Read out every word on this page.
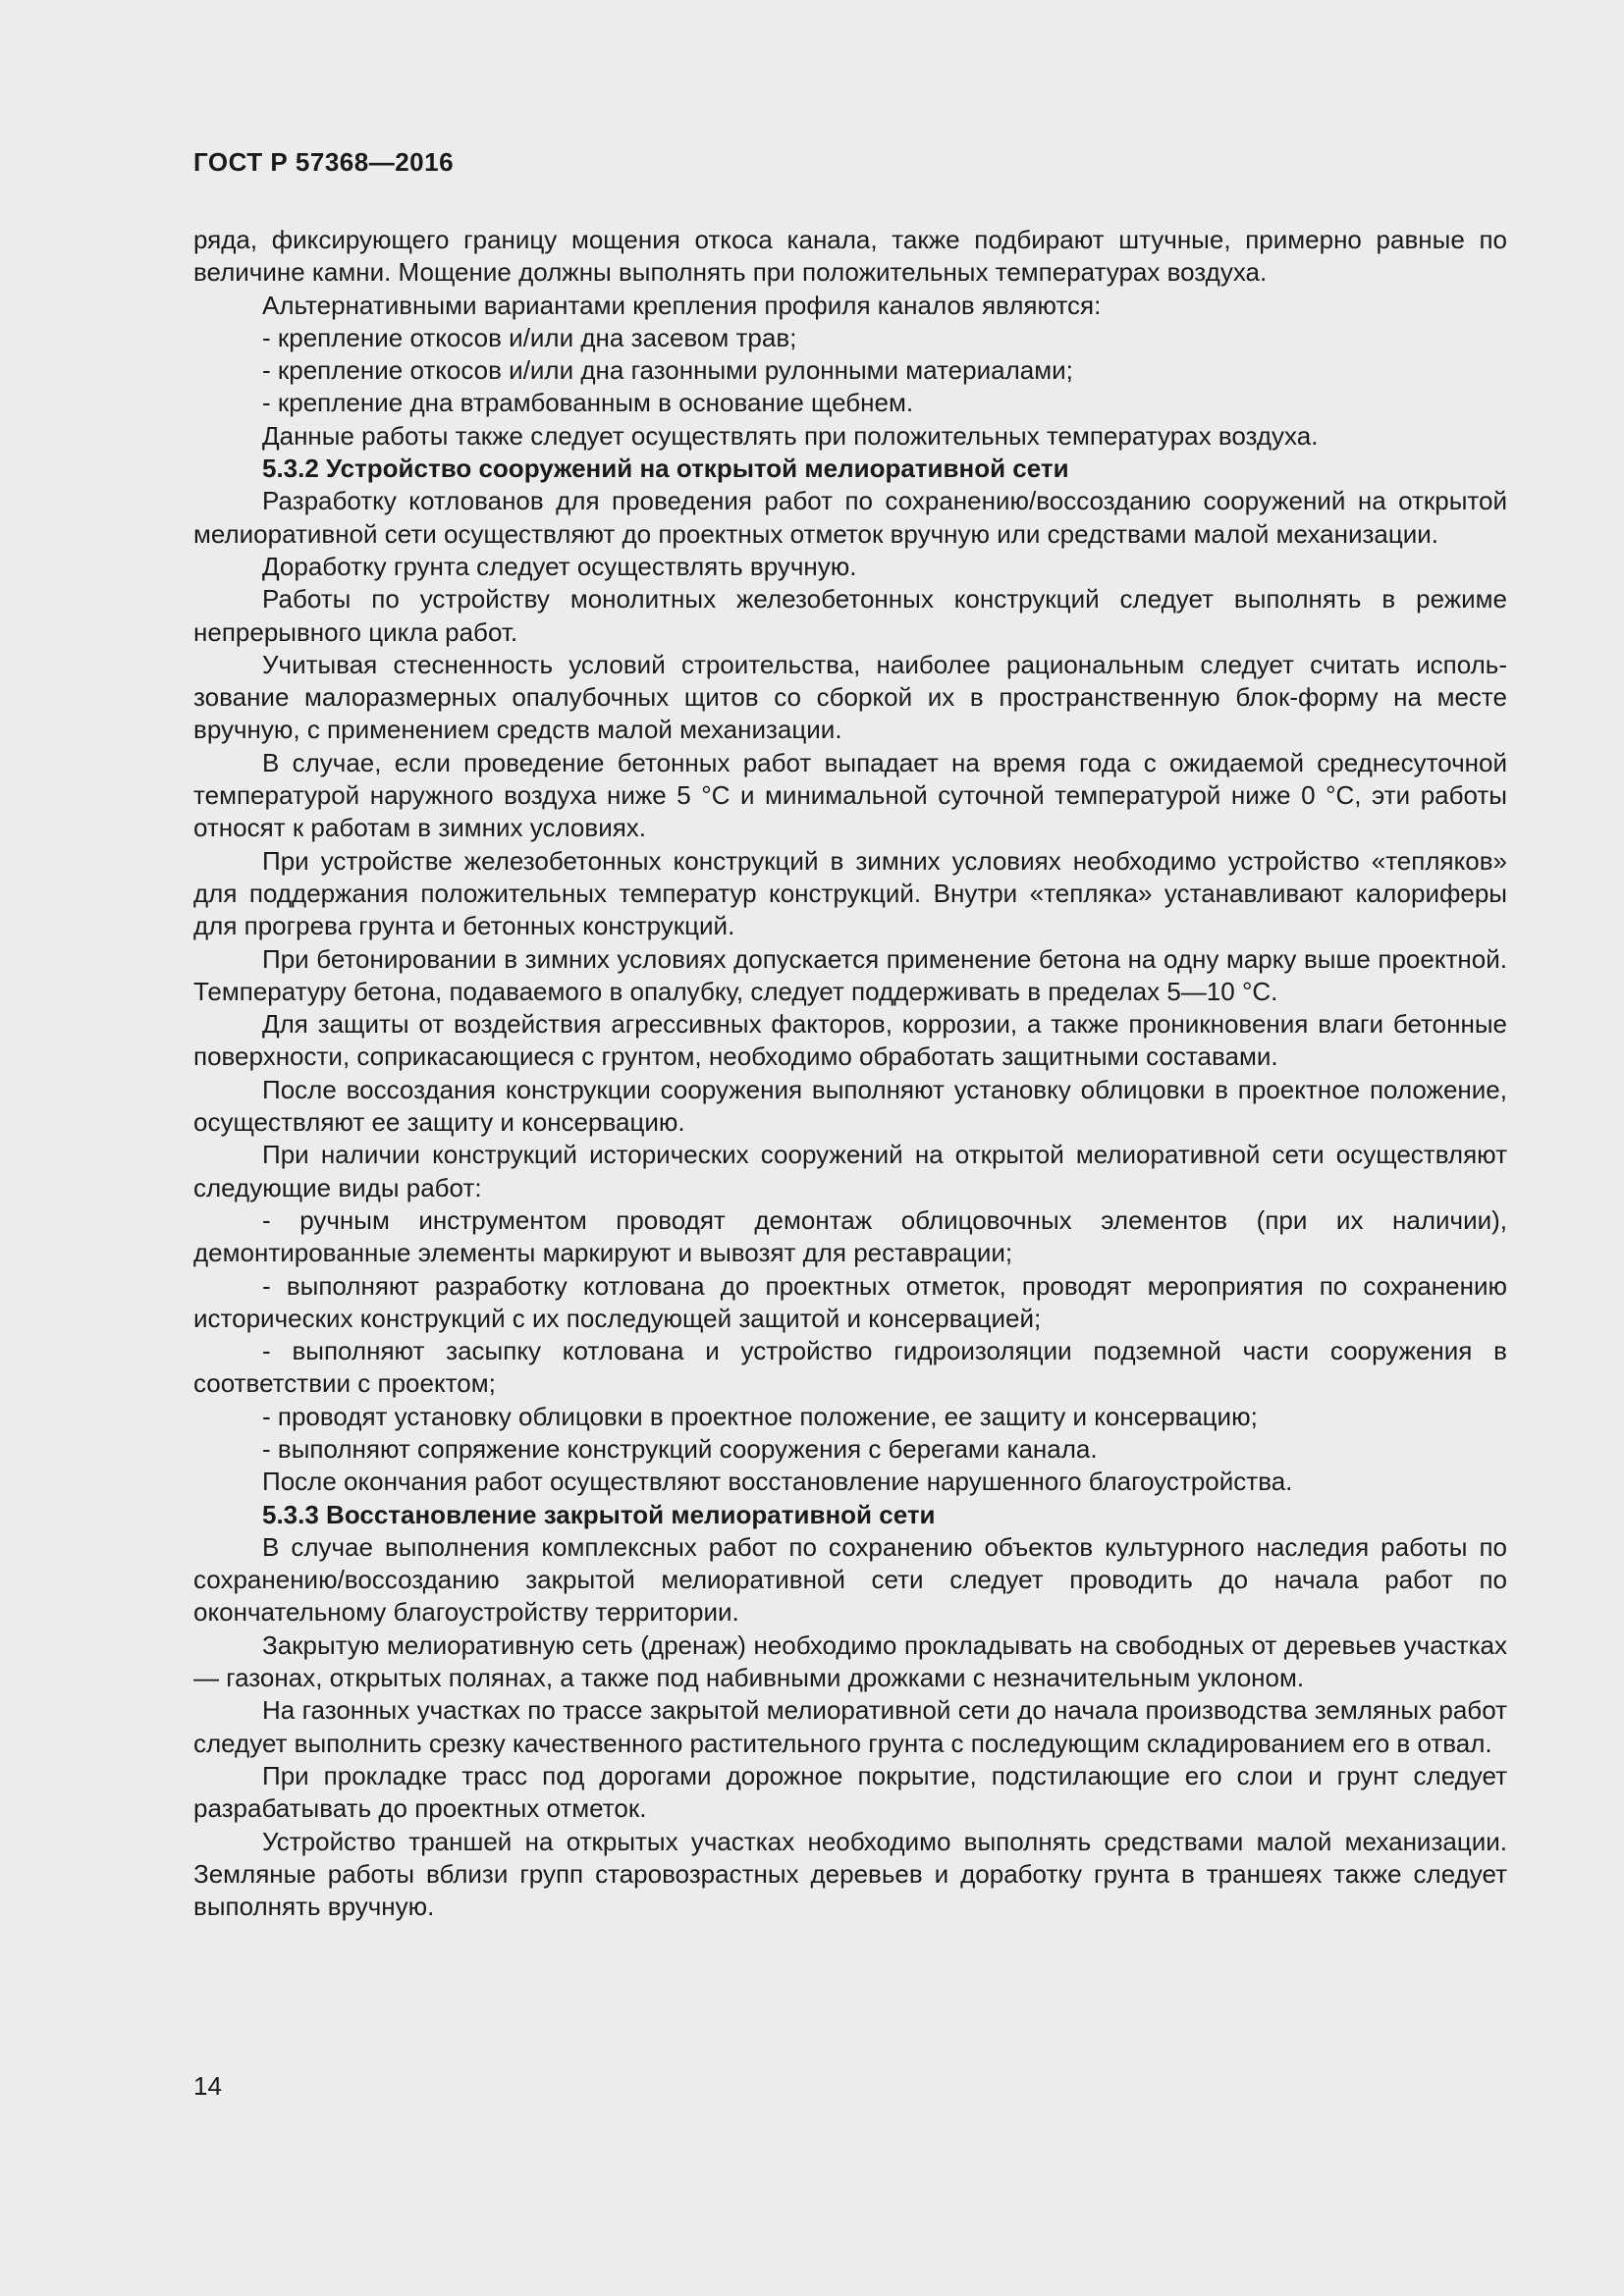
ГОСТ Р 57368—2016

ряда, фиксирующего границу мощения откоса канала, также подбирают штучные, примерно равные по величине камни. Мощение должны выполнять при положительных температурах воздуха.

Альтернативными вариантами крепления профиля каналов являются:

- крепление откосов и/или дна засевом трав;

- крепление откосов и/или дна газонными рулонными материалами;

- крепление дна втрамбованным в основание щебнем.

Данные работы также следует осуществлять при положительных температурах воздуха.

5.3.2 Устройство сооружений на открытой мелиоративной сети

Разработку котлованов для проведения работ по сохранению/воссозданию сооружений на открытой мелиоративной сети осуществляют до проектных отметок вручную или средствами малой механизации.

Доработку грунта следует осуществлять вручную.

Работы по устройству монолитных железобетонных конструкций следует выполнять в режиме непрерывного цикла работ.

Учитывая стесненность условий строительства, наиболее рациональным следует считать использование малоразмерных опалубочных щитов со сборкой их в пространственную блок-форму на месте вручную, с применением средств малой механизации.

В случае, если проведение бетонных работ выпадает на время года с ожидаемой среднесуточной температурой наружного воздуха ниже 5 °С и минимальной суточной температурой ниже 0 °С, эти работы относят к работам в зимних условиях.

При устройстве железобетонных конструкций в зимних условиях необходимо устройство «тепляков» для поддержания положительных температур конструкций. Внутри «тепляка» устанавливают калориферы для прогрева грунта и бетонных конструкций.

При бетонировании в зимних условиях допускается применение бетона на одну марку выше проектной. Температуру бетона, подаваемого в опалубку, следует поддерживать в пределах 5—10 °С.

Для защиты от воздействия агрессивных факторов, коррозии, а также проникновения влаги бетонные поверхности, соприкасающиеся с грунтом, необходимо обработать защитными составами.

После воссоздания конструкции сооружения выполняют установку облицовки в проектное положение, осуществляют ее защиту и консервацию.

При наличии конструкций исторических сооружений на открытой мелиоративной сети осуществляют следующие виды работ:

- ручным инструментом проводят демонтаж облицовочных элементов (при их наличии), демонтированные элементы маркируют и вывозят для реставрации;

- выполняют разработку котлована до проектных отметок, проводят мероприятия по сохранению исторических конструкций с их последующей защитой и консервацией;

- выполняют засыпку котлована и устройство гидроизоляции подземной части сооружения в соответствии с проектом;

- проводят установку облицовки в проектное положение, ее защиту и консервацию;

- выполняют сопряжение конструкций сооружения с берегами канала.

После окончания работ осуществляют восстановление нарушенного благоустройства.

5.3.3 Восстановление закрытой мелиоративной сети

В случае выполнения комплексных работ по сохранению объектов культурного наследия работы по сохранению/воссозданию закрытой мелиоративной сети следует проводить до начала работ по окончательному благоустройству территории.

Закрытую мелиоративную сеть (дренаж) необходимо прокладывать на свободных от деревьев участках — газонах, открытых полянах, а также под набивными дрожками с незначительным уклоном.

На газонных участках по трассе закрытой мелиоративной сети до начала производства земляных работ следует выполнить срезку качественного растительного грунта с последующим складированием его в отвал.

При прокладке трасс под дорогами дорожное покрытие, подстилающие его слои и грунт следует разрабатывать до проектных отметок.

Устройство траншей на открытых участках необходимо выполнять средствами малой механизации. Земляные работы вблизи групп старовозрастных деревьев и доработку грунта в траншеях также следует выполнять вручную.

14
